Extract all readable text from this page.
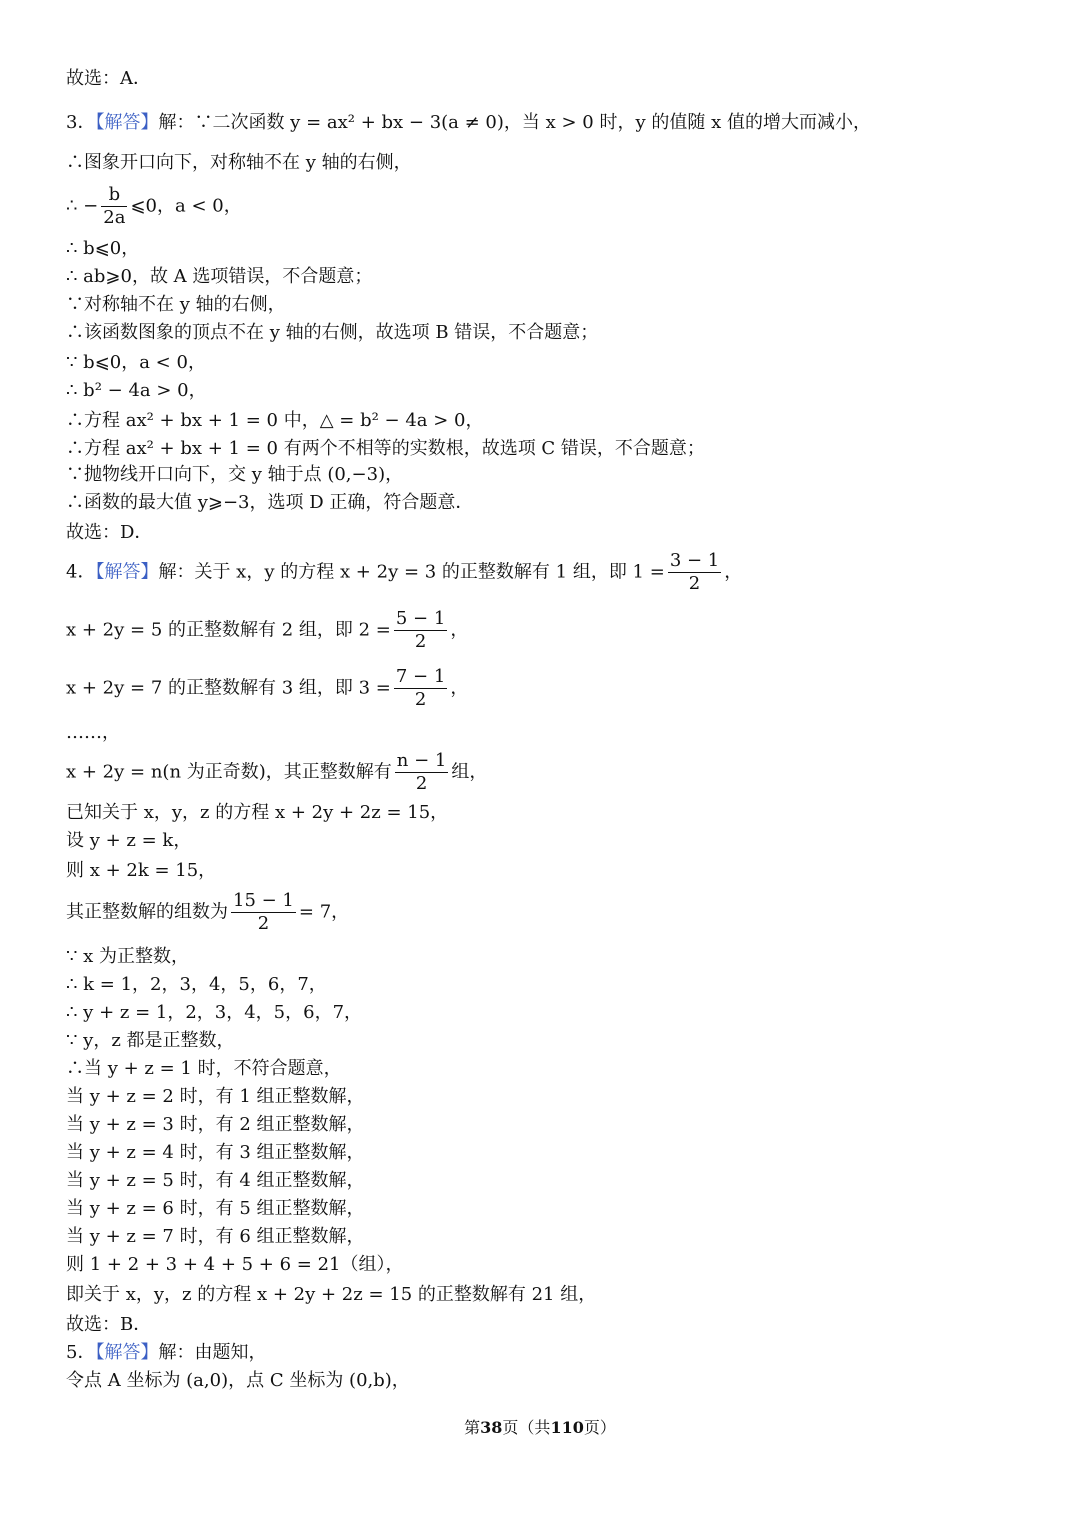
故选：A．
3．【解答】解：∵二次函数 y = ax² + bx − 3(a ≠ 0)，当 x > 0 时，y 的值随 x 值的增大而减小，
∴图象开口向下，对称轴不在 y 轴的右侧，
∴ − $\frac{b}{2a}$ ⩽0，a < 0，
∴ b⩽0，
∴ ab⩾0，故 A 选项错误，不合题意；
∵对称轴不在 y 轴的右侧，
∴该函数图象的顶点不在 y 轴的右侧，故选项 B 错误，不合题意；
∵ b⩽0，a < 0，
∴ b² − 4a > 0，
∴方程 ax² + bx + 1 = 0 中，△ = b² − 4a > 0，
∴方程 ax² + bx + 1 = 0 有两个不相等的实数根，故选项 C 错误，不合题意；
∵抛物线开口向下，交 y 轴于点 (0,−3)，
∴函数的最大值 y⩾−3，选项 D 正确，符合题意．
故选：D．
4．【解答】解：关于 x，y 的方程 x + 2y = 3 的正整数解有 1 组，即 $1 = \frac{3 - 1}{2}$ ，
x + 2y = 5 的正整数解有 2 组，即 $2 = \frac{5 - 1}{2}$ ，
x + 2y = 7 的正整数解有 3 组，即 $3 = \frac{7 - 1}{2}$ ，
……，
x + 2y = n(n 为正奇数)，其正整数解有 $\frac{n - 1}{2}$ 组，
已知关于 x，y，z 的方程 x + 2y + 2z = 15，
设 y + z = k，
则 x + 2k = 15，
其正整数解的组数为 $\frac{15 - 1}{2} = 7$，
∵ x 为正整数，
∴ k = 1，2，3，4，5，6，7，
∴ y + z = 1，2，3，4，5，6，7，
∵ y，z 都是正整数，
∴当 y + z = 1 时，不符合题意，
当 y + z = 2 时，有 1 组正整数解，
当 y + z = 3 时，有 2 组正整数解，
当 y + z = 4 时，有 3 组正整数解，
当 y + z = 5 时，有 4 组正整数解，
当 y + z = 6 时，有 5 组正整数解，
当 y + z = 7 时，有 6 组正整数解，
则 1 + 2 + 3 + 4 + 5 + 6 = 21（组），
即关于 x，y，z 的方程 x + 2y + 2z = 15 的正整数解有 21 组，
故选：B．
5．【解答】解：由题知，
令点 A 坐标为 (a,0)，点 C 坐标为 (0,b)，
第38页（共110页）
